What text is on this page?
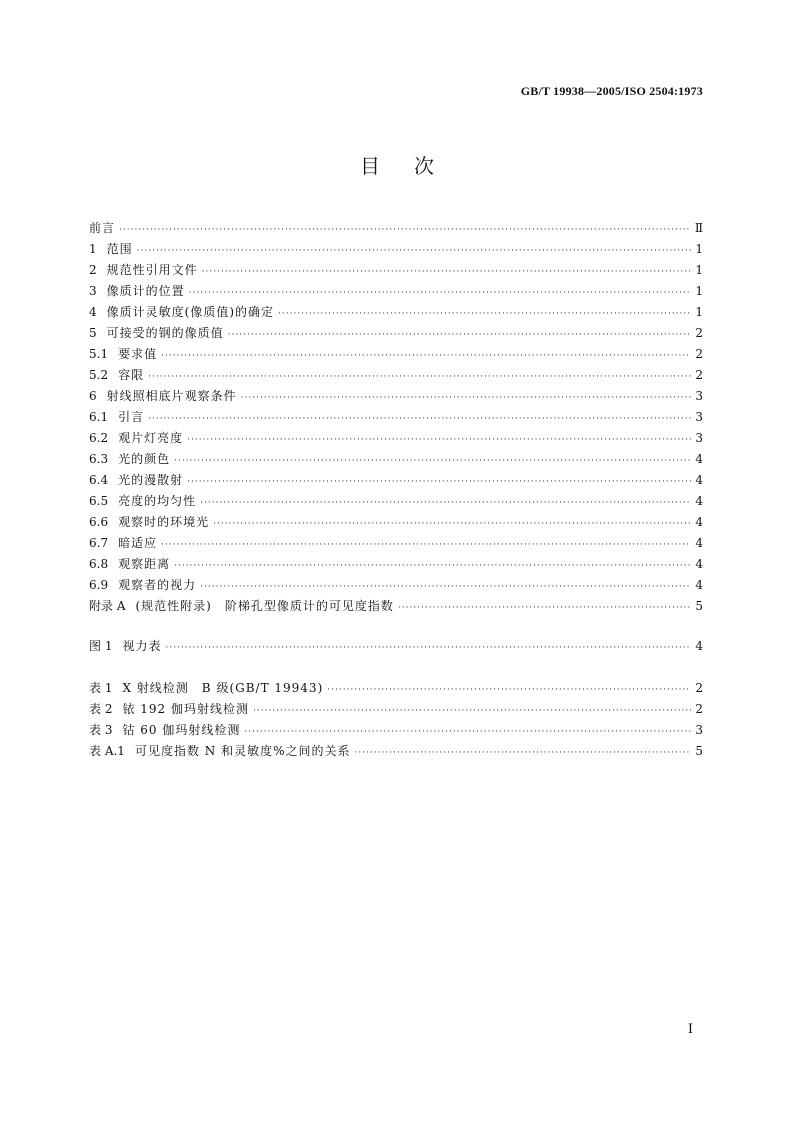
GB/T 19938—2005/ISO 2504:1973
目次
前言 ·····	Ⅱ
1 范围 ·····	1
2 规范性引用文件 ·····	1
3 像质计的位置 ·····	1
4 像质计灵敏度(像质值)的确定 ·····	1
5 可接受的钢的像质值 ·····	2
5.1 要求值 ·····	2
5.2 容限 ·····	2
6 射线照相底片观察条件 ·····	3
6.1 引言 ·····	3
6.2 观片灯亮度 ·····	3
6.3 光的颜色 ·····	4
6.4 光的漫散射 ·····	4
6.5 亮度的均匀性 ·····	4
6.6 观察时的环境光 ·····	4
6.7 暗适应 ·····	4
6.8 观察距离 ·····	4
6.9 观察者的视力 ·····	4
附录 A (规范性附录)　阶梯孔型像质计的可见度指数 ·····	5
图 1 视力表 ·····	4
表 1 X 射线检测　B 级(GB/T 19943) ·····	2
表 2 铱 192 伽玛射线检测 ·····	2
表 3 钴 60 伽玛射线检测 ·····	3
表 A.1 可见度指数 N 和灵敏度%之间的关系 ·····	5
I
